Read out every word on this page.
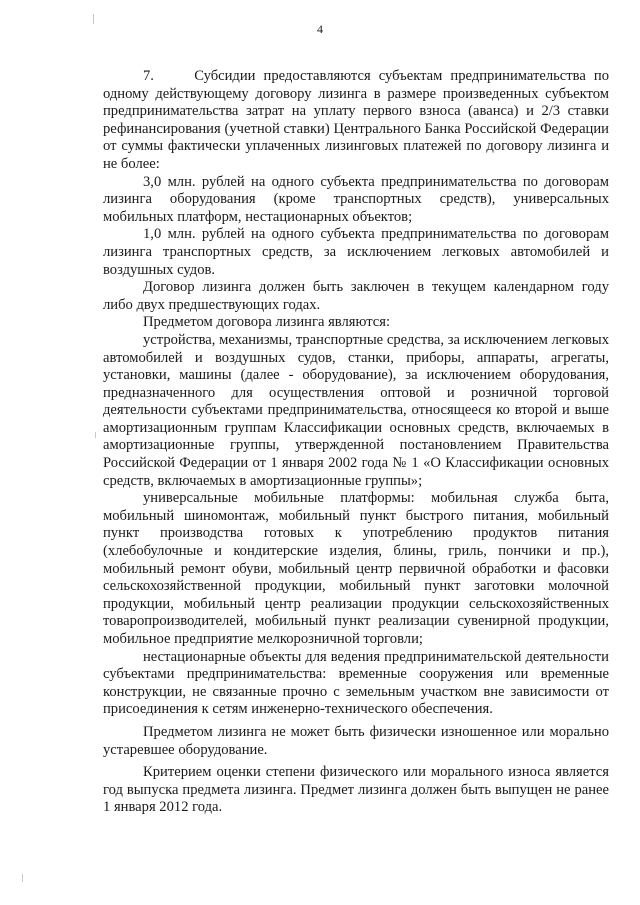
4

7.     Субсидии предоставляются субъектам предпринимательства по одному действующему договору лизинга в размере произведенных субъектом предпринимательства затрат на уплату первого взноса (аванса) и 2/3 ставки рефинансирования (учетной ставки) Центрального Банка Российской Федерации от суммы фактически уплаченных лизинговых платежей по договору лизинга и не более:

3,0 млн. рублей на одного субъекта предпринимательства по договорам лизинга оборудования (кроме транспортных средств), универсальных мобильных платформ, нестационарных объектов;

1,0 млн. рублей на одного субъекта предпринимательства по договорам лизинга транспортных средств, за исключением легковых автомобилей и воздушных судов.

Договор лизинга должен быть заключен в текущем календарном году либо двух предшествующих годах.

Предметом договора лизинга являются:

устройства, механизмы, транспортные средства, за исключением легковых автомобилей и воздушных судов, станки, приборы, аппараты, агрегаты, установки, машины (далее - оборудование), за исключением оборудования, предназначенного для осуществления оптовой и розничной торговой деятельности субъектами предпринимательства, относящееся ко второй и выше амортизационным группам Классификации основных средств, включаемых в амортизационные группы, утвержденной постановлением Правительства Российской Федерации от 1 января 2002 года № 1 «О Классификации основных средств, включаемых в амортизационные группы»;

универсальные мобильные платформы: мобильная служба быта, мобильный шиномонтаж, мобильный пункт быстрого питания, мобильный пункт производства готовых к употреблению продуктов питания (хлебобулочные и кондитерские изделия, блины, гриль, пончики и пр.), мобильный ремонт обуви, мобильный центр первичной обработки и фасовки сельскохозяйственной продукции, мобильный пункт заготовки молочной продукции, мобильный центр реализации продукции сельскохозяйственных товаропроизводителей, мобильный пункт реализации сувенирной продукции, мобильное предприятие мелкорозничной торговли;

нестационарные объекты для ведения предпринимательской деятельности субъектами предпринимательства: временные сооружения или временные конструкции, не связанные прочно с земельным участком вне зависимости от присоединения к сетям инженерно-технического обеспечения.

Предметом лизинга не может быть физически изношенное или морально устаревшее оборудование.

Критерием оценки степени физического или морального износа является год выпуска предмета лизинга. Предмет лизинга должен быть выпущен не ранее 1 января 2012 года.
